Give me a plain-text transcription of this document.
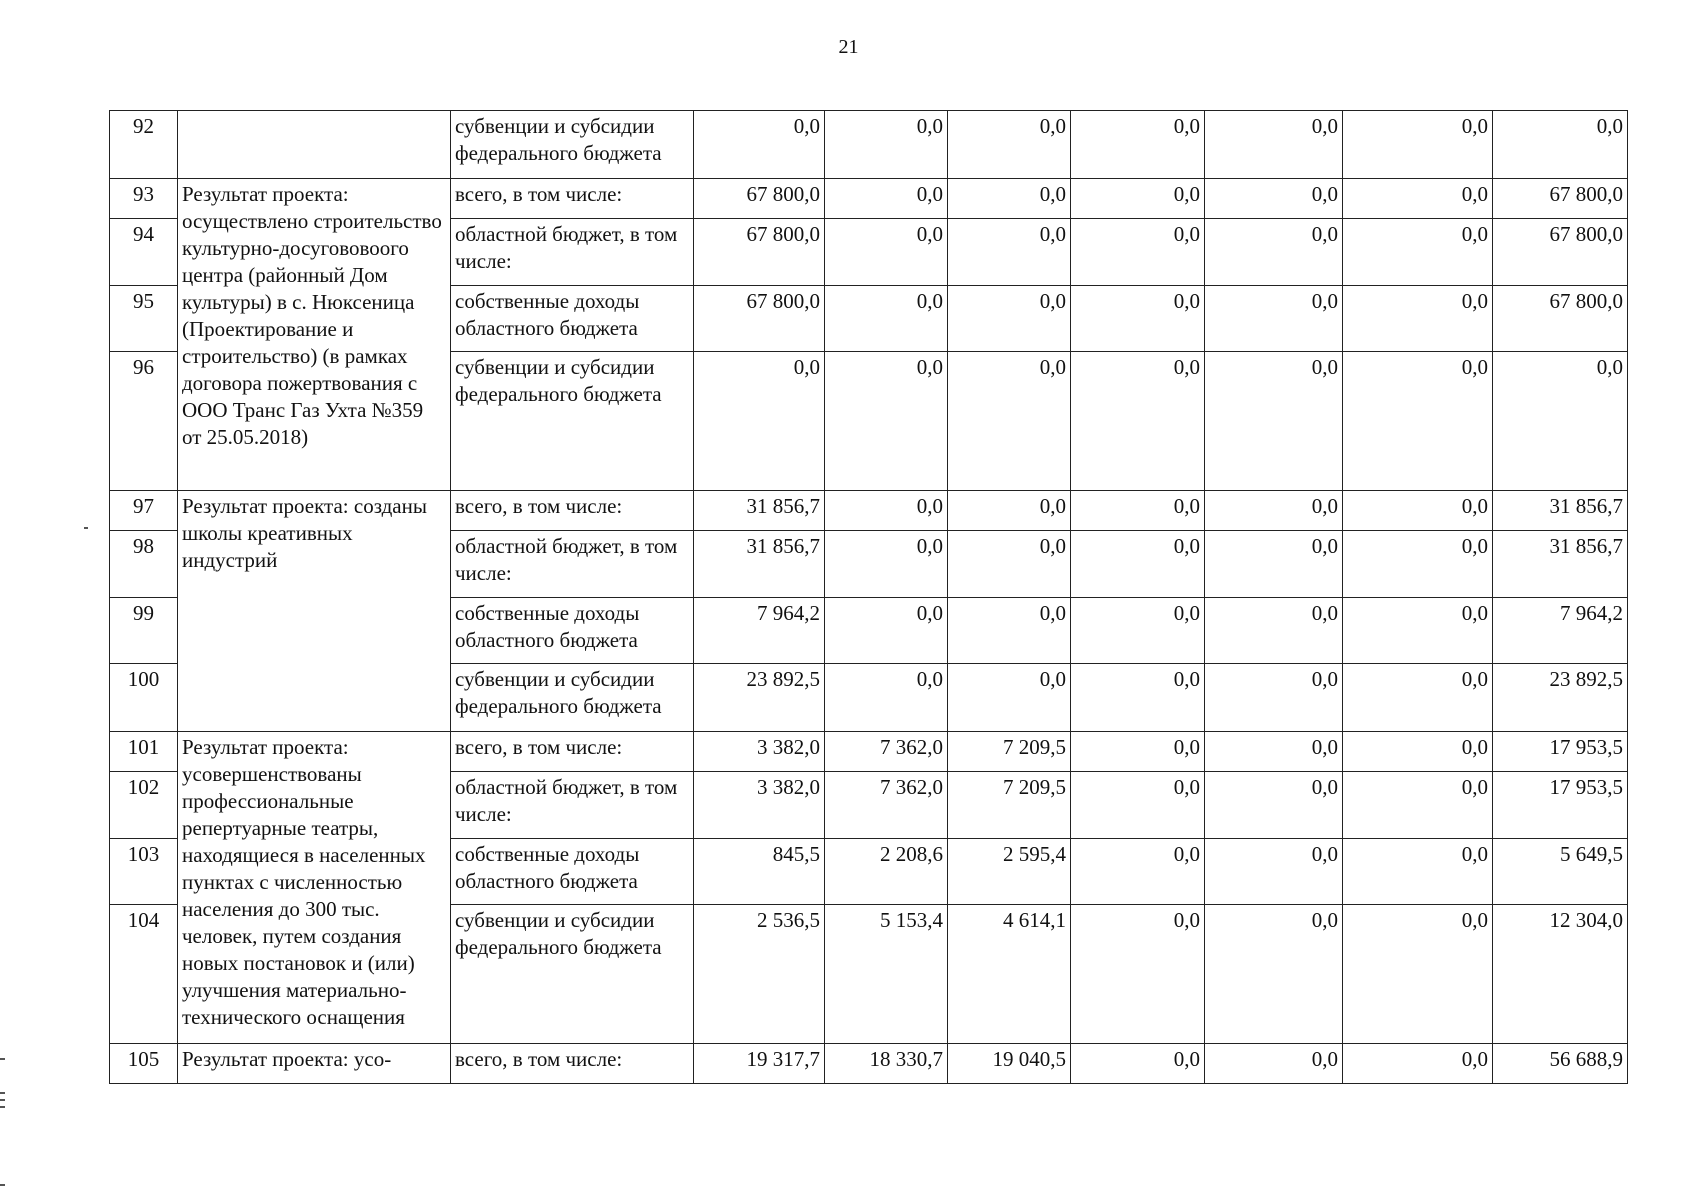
21
92		субвенции и субсидии федерального бюджета	0,0	0,0	0,0	0,0	0,0	0,0	0,0
93	Результат проекта: осуществлено строительство культурно-досугововоого центра (районный Дом культуры) в с. Нюксеница (Проектирование и строительство) (в рамках договора пожертвования с ООО Транс Газ Ухта №359 от 25.05.2018)	всего, в том числе:	67 800,0	0,0	0,0	0,0	0,0	0,0	67 800,0
94		областной бюджет, в том числе:	67 800,0	0,0	0,0	0,0	0,0	0,0	67 800,0
95		собственные доходы областного бюджета	67 800,0	0,0	0,0	0,0	0,0	0,0	67 800,0
96		субвенции и субсидии федерального бюджета	0,0	0,0	0,0	0,0	0,0	0,0	0,0
97	Результат проекта: созданы школы креативных индустрий	всего, в том числе:	31 856,7	0,0	0,0	0,0	0,0	0,0	31 856,7
98		областной бюджет, в том числе:	31 856,7	0,0	0,0	0,0	0,0	0,0	31 856,7
99		собственные доходы областного бюджета	7 964,2	0,0	0,0	0,0	0,0	0,0	7 964,2
100		субвенции и субсидии федерального бюджета	23 892,5	0,0	0,0	0,0	0,0	0,0	23 892,5
101	Результат проекта: усовершенствованы профессиональные репертуарные театры, находящиеся в населенных пунктах с численностью населения до 300 тыс. человек, путем создания новых постановок и (или) улучшения материально-технического оснащения	всего, в том числе:	3 382,0	7 362,0	7 209,5	0,0	0,0	0,0	17 953,5
102		областной бюджет, в том числе:	3 382,0	7 362,0	7 209,5	0,0	0,0	0,0	17 953,5
103		собственные доходы областного бюджета	845,5	2 208,6	2 595,4	0,0	0,0	0,0	5 649,5
104		субвенции и субсидии федерального бюджета	2 536,5	5 153,4	4 614,1	0,0	0,0	0,0	12 304,0
105	Результат проекта: усо-	всего, в том числе:	19 317,7	18 330,7	19 040,5	0,0	0,0	0,0	56 688,9
